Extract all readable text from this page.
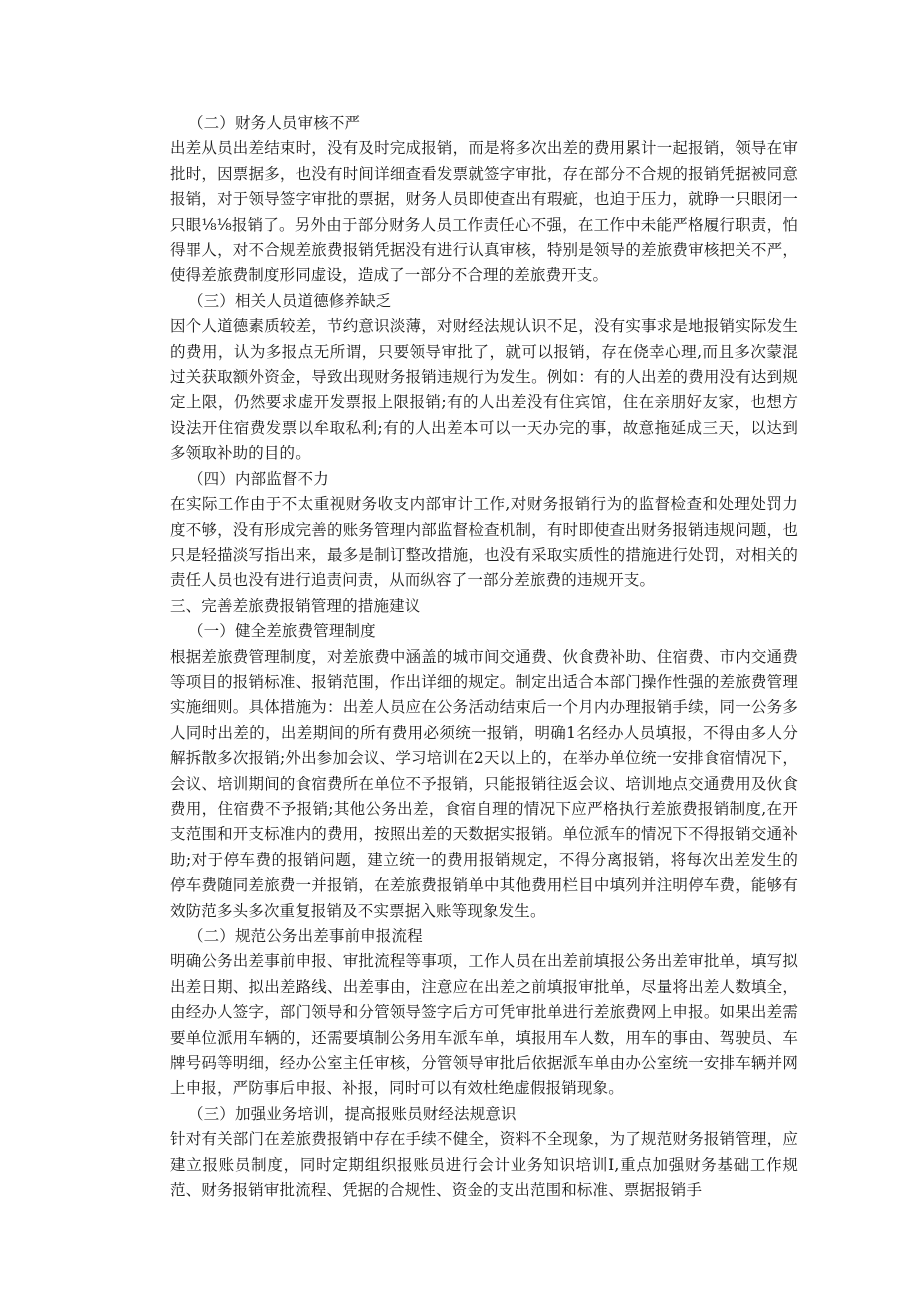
（二）财务人员审核不严

出差从员出差结束时，没有及时完成报销，而是将多次出差的费用累计一起报销，领导在审批时，因票据多，也没有时间详细查看发票就签字审批，存在部分不合规的报销凭据被同意报销，对于领导签字审批的票据，财务人员即使查出有瑕疵，也迫于压力，就睁一只眼闭一只眼⅛⅛报销了。另外由于部分财务人员工作责任心不强，在工作中未能严格履行职责，怕得罪人，对不合规差旅费报销凭据没有进行认真审核，特别是领导的差旅费审核把关不严，使得差旅费制度形同虚设，造成了一部分不合理的差旅费开支。

（三）相关人员道德修养缺乏

因个人道德素质较差，节约意识淡薄，对财经法规认识不足，没有实事求是地报销实际发生的费用，认为多报点无所谓，只要领导审批了，就可以报销，存在侥幸心理,而且多次蒙混过关获取额外资金，导致出现财务报销违规行为发生。例如：有的人出差的费用没有达到规定上限，仍然要求虚开发票报上限报销;有的人出差没有住宾馆，住在亲朋好友家，也想方设法开住宿费发票以牟取私利;有的人出差本可以一天办完的事，故意拖延成三天，以达到多领取补助的目的。

（四）内部监督不力

在实际工作由于不太重视财务收支内部审计工作,对财务报销行为的监督检查和处理处罚力度不够，没有形成完善的账务管理内部监督检查机制，有时即使查出财务报销违规问题，也只是轻描淡写指出来，最多是制订整改措施，也没有采取实质性的措施进行处罚，对相关的责任人员也没有进行追责问责，从而纵容了一部分差旅费的违规开支。

三、完善差旅费报销管理的措施建议

（一）健全差旅费管理制度

根据差旅费管理制度，对差旅费中涵盖的城市间交通费、伙食费补助、住宿费、市内交通费等项目的报销标准、报销范围，作出详细的规定。制定出适合本部门操作性强的差旅费管理实施细则。具体措施为：出差人员应在公务活动结束后一个月内办理报销手续，同一公务多人同时出差的，出差期间的所有费用必须统一报销，明确1名经办人员填报，不得由多人分解拆散多次报销;外出参加会议、学习培训在2天以上的，在举办单位统一安排食宿情况下，会议、培训期间的食宿费所在单位不予报销，只能报销往返会议、培训地点交通费用及伙食费用，住宿费不予报销;其他公务出差，食宿自理的情况下应严格执行差旅费报销制度,在开支范围和开支标准内的费用，按照出差的天数据实报销。单位派车的情况下不得报销交通补助;对于停车费的报销问题，建立统一的费用报销规定，不得分离报销，将每次出差发生的停车费随同差旅费一并报销，在差旅费报销单中其他费用栏目中填列并注明停车费，能够有效防范多头多次重复报销及不实票据入账等现象发生。

（二）规范公务出差事前申报流程

明确公务出差事前申报、审批流程等事项，工作人员在出差前填报公务出差审批单，填写拟出差日期、拟出差路线、出差事由，注意应在出差之前填报审批单，尽量将出差人数填全，由经办人签字，部门领导和分管领导签字后方可凭审批单进行差旅费网上申报。如果出差需要单位派用车辆的，还需要填制公务用车派车单，填报用车人数，用车的事由、驾驶员、车牌号码等明细，经办公室主任审核，分管领导审批后依据派车单由办公室统一安排车辆并网上申报，严防事后申报、补报，同时可以有效杜绝虚假报销现象。

（三）加强业务培训，提高报账员财经法规意识

针对有关部门在差旅费报销中存在手续不健全，资料不全现象，为了规范财务报销管理，应建立报账员制度，同时定期组织报账员进行会计业务知识培训I,重点加强财务基础工作规范、财务报销审批流程、凭据的合规性、资金的支出范围和标准、票据报销手
